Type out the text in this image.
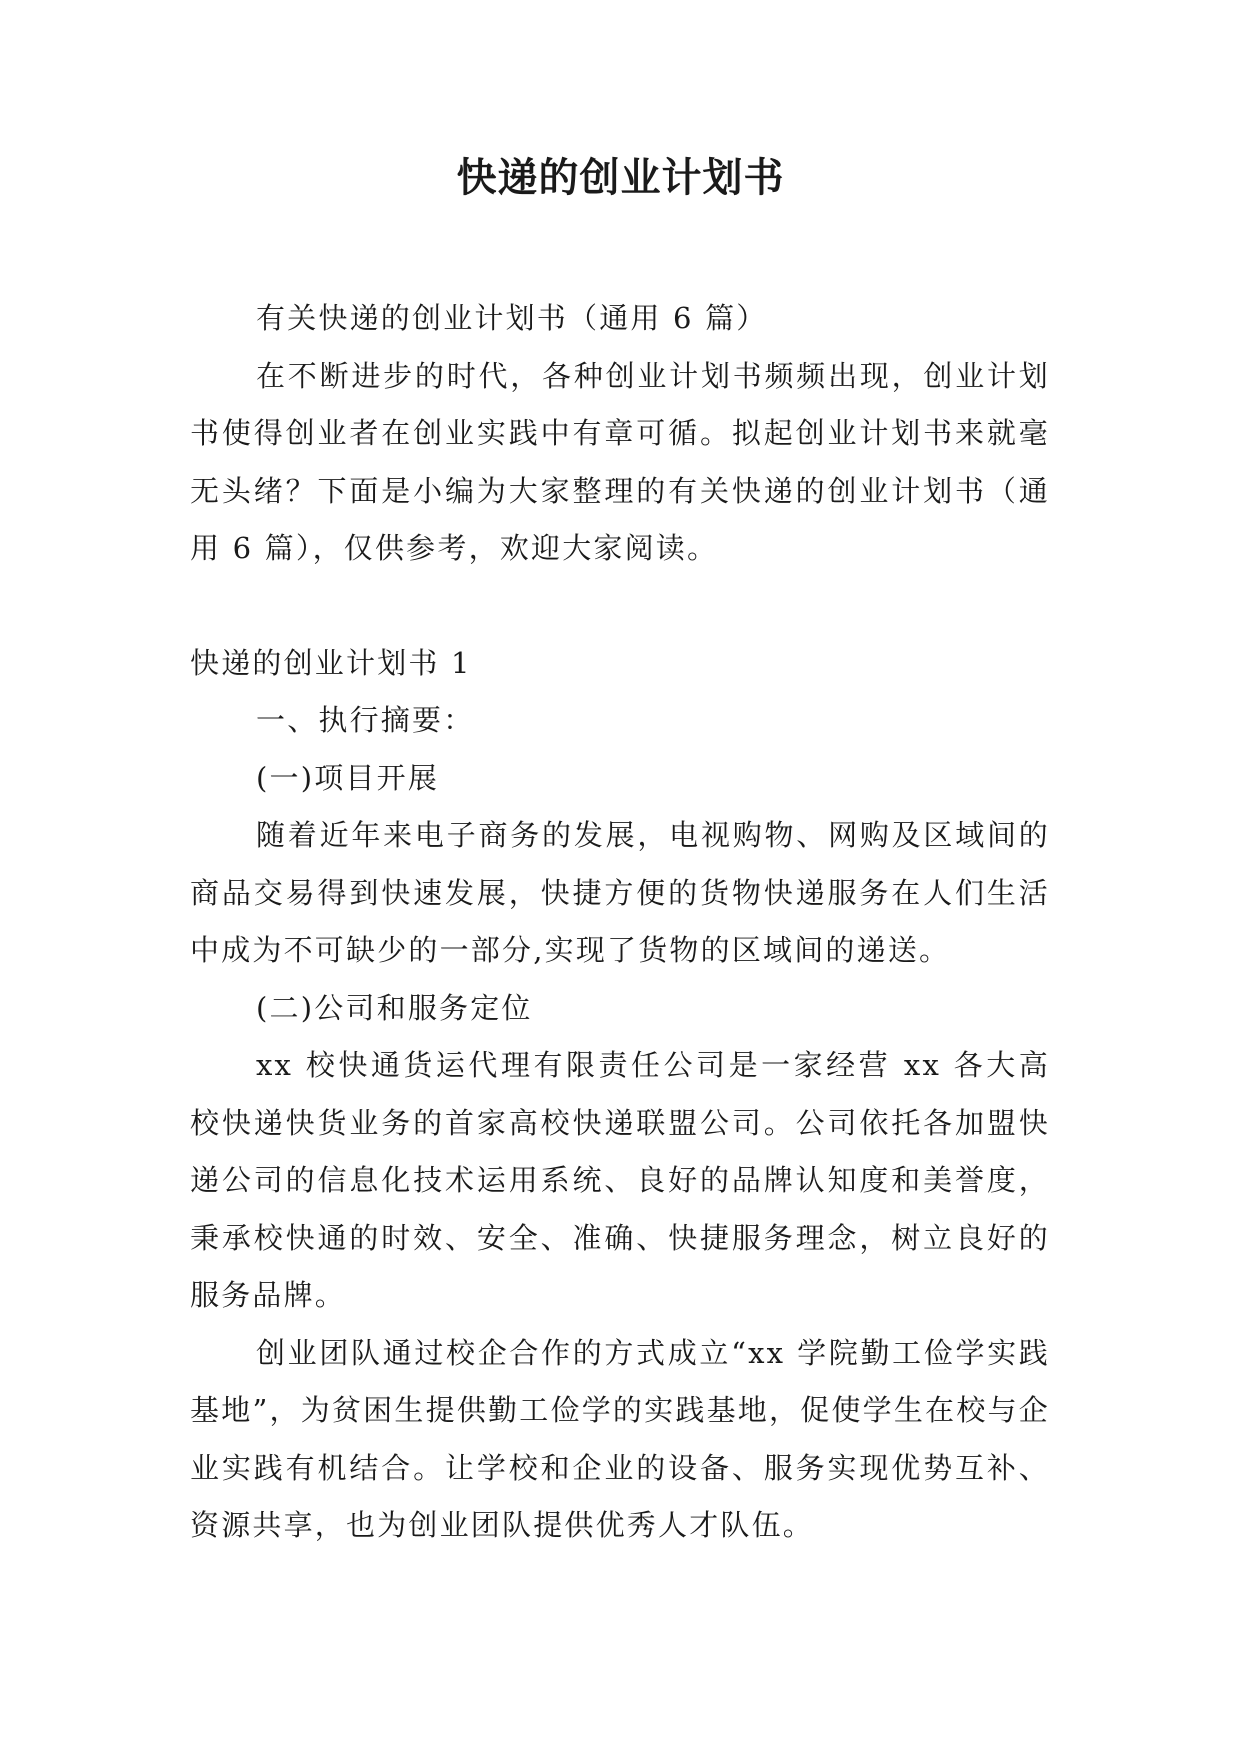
快递的创业计划书

有关快递的创业计划书（通用 6 篇）

在不断进步的时代，各种创业计划书频频出现，创业计划书使得创业者在创业实践中有章可循。拟起创业计划书来就毫无头绪？下面是小编为大家整理的有关快递的创业计划书（通用 6 篇），仅供参考，欢迎大家阅读。

快递的创业计划书 1

一、执行摘要：

(一)项目开展

随着近年来电子商务的发展，电视购物、网购及区域间的商品交易得到快速发展，快捷方便的货物快递服务在人们生活中成为不可缺少的一部分,实现了货物的区域间的递送。

(二)公司和服务定位

xx 校快通货运代理有限责任公司是一家经营 xx 各大高校快递快货业务的首家高校快递联盟公司。公司依托各加盟快递公司的信息化技术运用系统、良好的品牌认知度和美誉度，秉承校快通的时效、安全、准确、快捷服务理念，树立良好的服务品牌。

创业团队通过校企合作的方式成立“xx 学院勤工俭学实践基地”，为贫困生提供勤工俭学的实践基地，促使学生在校与企业实践有机结合。让学校和企业的设备、服务实现优势互补、资源共享，也为创业团队提供优秀人才队伍。
